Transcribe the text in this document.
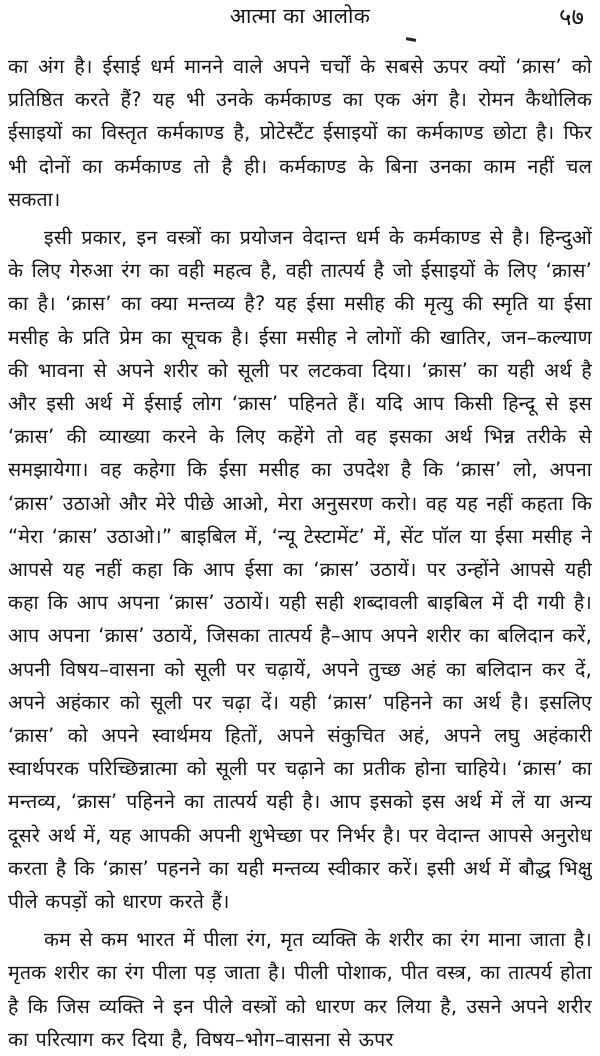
आत्मा का आलोक	५७

का अंग है। ईसाई धर्म मानने वाले अपने चर्चों के सबसे ऊपर क्यों ‘क्रास’ को प्रतिष्ठित करते हैं? यह भी उनके कर्मकाण्ड का एक अंग है। रोमन कैथोलिक ईसाइयों का विस्तृत कर्मकाण्ड है, प्रोटेस्टैंट ईसाइयों का कर्मकाण्ड छोटा है। फिर भी दोनों का कर्मकाण्ड तो है ही। कर्मकाण्ड के बिना उनका काम नहीं चल सकता।

इसी प्रकार, इन वस्त्रों का प्रयोजन वेदान्त धर्म के कर्मकाण्ड से है। हिन्दुओं के लिए गेरुआ रंग का वही महत्व है, वही तात्पर्य है जो ईसाइयों के लिए ‘क्रास’ का है। ‘क्रास’ का क्या मन्तव्य है? यह ईसा मसीह की मृत्यु की स्मृति या ईसा मसीह के प्रति प्रेम का सूचक है। ईसा मसीह ने लोगों की खातिर, जन–कल्याण की भावना से अपने शरीर को सूली पर लटकवा दिया। ‘क्रास’ का यही अर्थ है और इसी अर्थ में ईसाई लोग ‘क्रास’ पहिनते हैं। यदि आप किसी हिन्दू से इस ‘क्रास’ की व्याख्या करने के लिए कहेंगे तो वह इसका अर्थ भिन्न तरीके से समझायेगा। वह कहेगा कि ईसा मसीह का उपदेश है कि ‘क्रास’ लो, अपना ‘क्रास’ उठाओ और मेरे पीछे आओ, मेरा अनुसरण करो। वह यह नहीं कहता कि “मेरा ‘क्रास’ उठाओ।” बाइबिल में, ‘न्यू टेस्टामेंट’ में, सेंट पॉल या ईसा मसीह ने आपसे यह नहीं कहा कि आप ईसा का ‘क्रास’ उठायें। पर उन्होंने आपसे यही कहा कि आप अपना ‘क्रास’ उठायें। यही सही शब्दावली बाइबिल में दी गयी है। आप अपना ‘क्रास’ उठायें, जिसका तात्पर्य है–आप अपने शरीर का बलिदान करें, अपनी विषय–वासना को सूली पर चढ़ायें, अपने तुच्छ अहं का बलिदान कर दें, अपने अहंकार को सूली पर चढ़ा दें। यही ‘क्रास’ पहिनने का अर्थ है। इसलिए ‘क्रास’ को अपने स्वार्थमय हितों, अपने संकुचित अहं, अपने लघु अहंकारी स्वार्थपरक परिच्छिन्नात्मा को सूली पर चढ़ाने का प्रतीक होना चाहिये। ‘क्रास’ का मन्तव्य, ‘क्रास’ पहिनने का तात्पर्य यही है। आप इसको इस अर्थ में लें या अन्य दूसरे अर्थ में, यह आपकी अपनी शुभेच्छा पर निर्भर है। पर वेदान्त आपसे अनुरोध करता है कि ‘क्रास’ पहनने का यही मन्तव्य स्वीकार करें। इसी अर्थ में बौद्ध भिक्षु पीले कपड़ों को धारण करते हैं।

कम से कम भारत में पीला रंग, मृत व्यक्ति के शरीर का रंग माना जाता है। मृतक शरीर का रंग पीला पड़ जाता है। पीली पोशाक, पीत वस्त्र, का तात्पर्य होता है कि जिस व्यक्ति ने इन पीले वस्त्रों को धारण कर लिया है, उसने अपने शरीर का परित्याग कर दिया है, विषय–भोग–वासना से ऊपर
